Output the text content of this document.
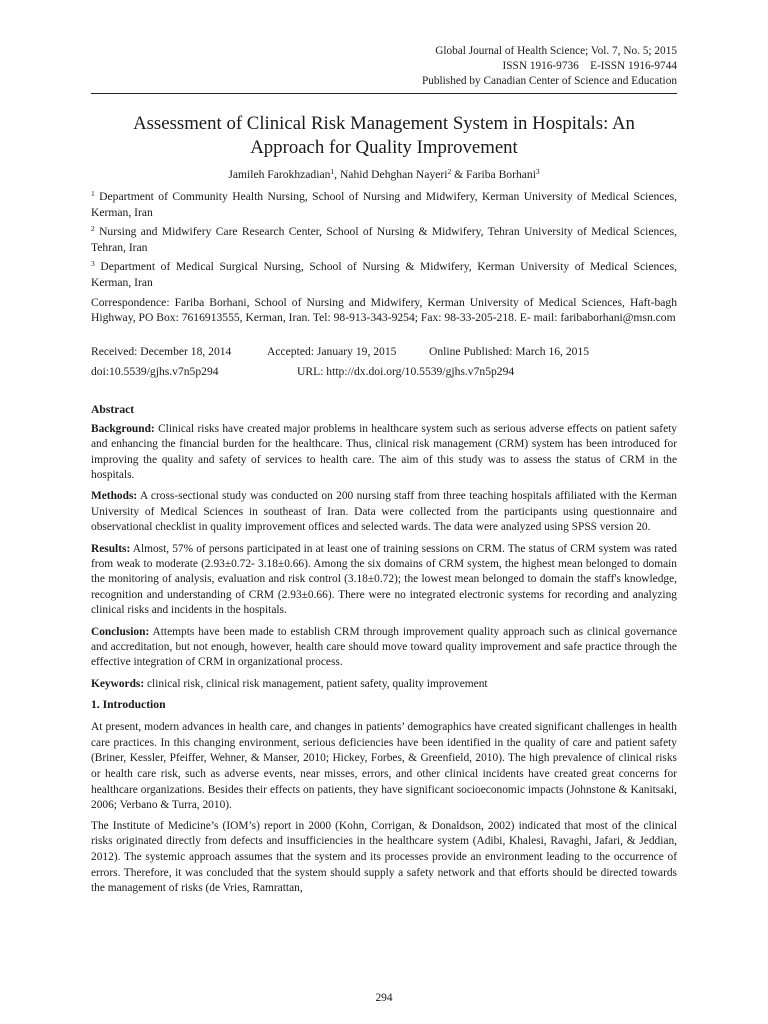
Global Journal of Health Science; Vol. 7, No. 5; 2015
ISSN 1916-9736    E-ISSN 1916-9744
Published by Canadian Center of Science and Education
Assessment of Clinical Risk Management System in Hospitals: An
Approach for Quality Improvement
Jamileh Farokhzadian$^1$, Nahid Dehghan Nayeri$^2$ & Fariba Borhani$^3$
$^1$ Department of Community Health Nursing, School of Nursing and Midwifery, Kerman University of Medical Sciences, Kerman, Iran
$^2$ Nursing and Midwifery Care Research Center, School of Nursing & Midwifery, Tehran University of Medical Sciences, Tehran, Iran
$^3$ Department of Medical Surgical Nursing, School of Nursing & Midwifery, Kerman University of Medical Sciences, Kerman, Iran
Correspondence: Fariba Borhani, School of Nursing and Midwifery, Kerman University of Medical Sciences, Haft-bagh Highway, PO Box: 7616913555, Kerman, Iran. Tel: 98-913-343-9254; Fax: 98-33-205-218. E- mail: faribaborhani@msn.com
Received: December 18, 2014	Accepted: January 19, 2015	Online Published: March 16, 2015
doi:10.5539/gjhs.v7n5p294	URL: http://dx.doi.org/10.5539/gjhs.v7n5p294
Abstract
Background: Clinical risks have created major problems in healthcare system such as serious adverse effects on patient safety and enhancing the financial burden for the healthcare. Thus, clinical risk management (CRM) system has been introduced for improving the quality and safety of services to health care. The aim of this study was to assess the status of CRM in the hospitals.
Methods: A cross-sectional study was conducted on 200 nursing staff from three teaching hospitals affiliated with the Kerman University of Medical Sciences in southeast of Iran. Data were collected from the participants using questionnaire and observational checklist in quality improvement offices and selected wards. The data were analyzed using SPSS version 20.
Results: Almost, 57% of persons participated in at least one of training sessions on CRM. The status of CRM system was rated from weak to moderate (2.93±0.72- 3.18±0.66). Among the six domains of CRM system, the highest mean belonged to domain the monitoring of analysis, evaluation and risk control (3.18±0.72); the lowest mean belonged to domain the staff's knowledge, recognition and understanding of CRM (2.93±0.66). There were no integrated electronic systems for recording and analyzing clinical risks and incidents in the hospitals.
Conclusion: Attempts have been made to establish CRM through improvement quality approach such as clinical governance and accreditation, but not enough, however, health care should move toward quality improvement and safe practice through the effective integration of CRM in organizational process.
Keywords: clinical risk, clinical risk management, patient safety, quality improvement
1. Introduction
At present, modern advances in health care, and changes in patients’ demographics have created significant challenges in health care practices. In this changing environment, serious deficiencies have been identified in the quality of care and patient safety (Briner, Kessler, Pfeiffer, Wehner, & Manser, 2010; Hickey, Forbes, & Greenfield, 2010). The high prevalence of clinical risks or health care risk, such as adverse events, near misses, errors, and other clinical incidents have created great concerns for healthcare organizations. Besides their effects on patients, they have significant socioeconomic impacts (Johnstone & Kanitsaki, 2006; Verbano & Turra, 2010).
The Institute of Medicine’s (IOM’s) report in 2000 (Kohn, Corrigan, & Donaldson, 2002) indicated that most of the clinical risks originated directly from defects and insufficiencies in the healthcare system (Adibi, Khalesi, Ravaghi, Jafari, & Jeddian, 2012). The systemic approach assumes that the system and its processes provide an environment leading to the occurrence of errors. Therefore, it was concluded that the system should supply a safety network and that efforts should be directed towards the management of risks (de Vries, Ramrattan,
294
